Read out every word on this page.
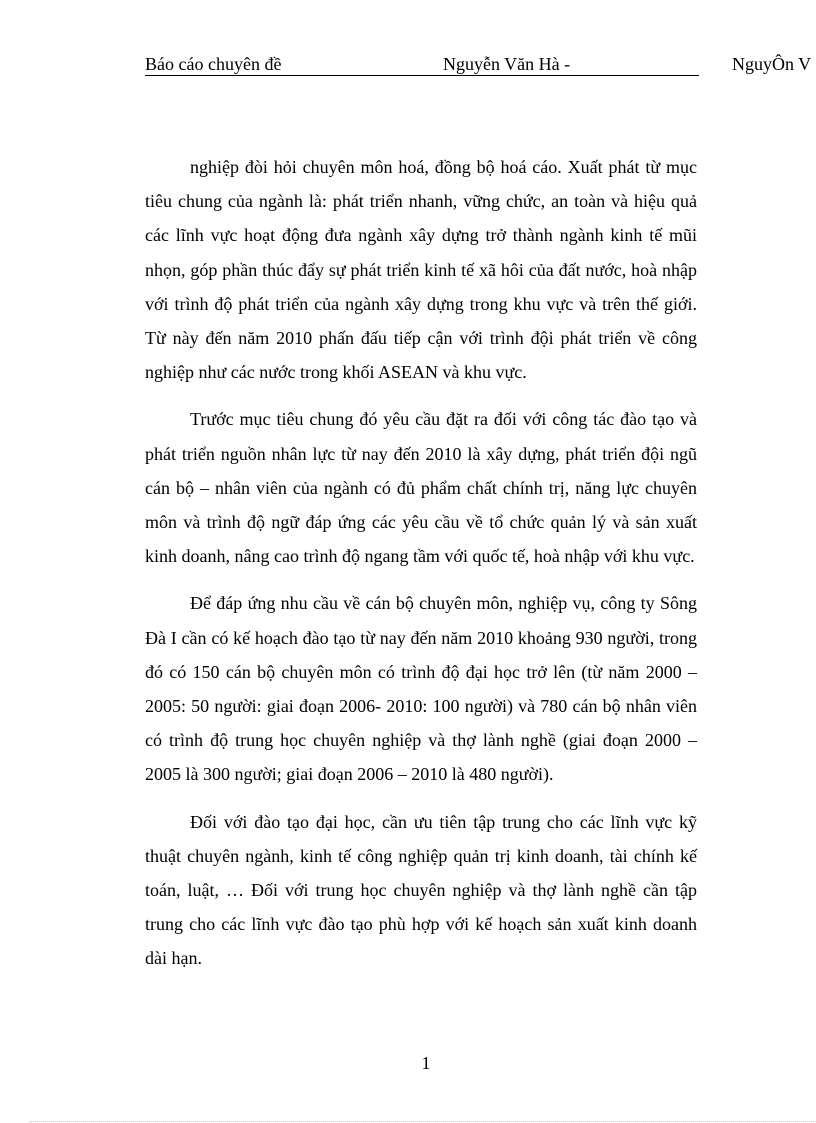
Báo cáo chuyên đề	Nguyễn Văn Hà -	NguyÔn V

nghiệp đòi hỏi chuyên môn hoá, đồng bộ hoá cáo. Xuất phát từ mục tiêu chung của ngành là: phát triển nhanh, vững chức, an toàn và hiệu quả các lĩnh vực hoạt động đưa ngành xây dựng trở thành ngành kinh tế mũi nhọn, góp phần thúc đẩy sự phát triển kinh tế xã hôi của đất nước, hoà nhập với trình độ phát triển của ngành xây dựng trong khu vực và trên thế giới. Từ này đến năm 2010 phấn đấu tiếp cận với trình đội phát triển về công nghiệp như các nước trong khối ASEAN và khu vực.

Trước mục tiêu chung đó yêu cầu đặt ra đối với công tác đào tạo và phát triển nguồn nhân lực từ nay đến 2010 là xây dựng, phát triển đội ngũ cán bộ – nhân viên của ngành có đủ phẩm chất chính trị, năng lực chuyên môn và trình độ ngữ đáp ứng các yêu cầu về tổ chức quản lý và sản xuất kinh doanh, nâng cao trình độ ngang tầm với quốc tế, hoà nhập với khu vực.

Để đáp ứng nhu cầu về cán bộ chuyên môn, nghiệp vụ, công ty Sông Đà I cần có kế hoạch đào tạo từ nay đến năm 2010 khoảng 930 người, trong đó có 150 cán bộ chuyên môn có trình độ đại học trở lên (từ năm 2000 – 2005: 50 người: giai đoạn 2006- 2010: 100 người) và 780 cán bộ nhân viên có trình độ trung học chuyên nghiệp và thợ lành nghề (giai đoạn 2000 – 2005 là 300 người; giai đoạn 2006 – 2010 là 480 người).

Đối với đào tạo đại học, cần ưu tiên tập trung cho các lĩnh vực kỹ thuật chuyên ngành, kinh tế công nghiệp quản trị kinh doanh, tài chính kế toán, luật, … Đối với trung học chuyên nghiệp và thợ lành nghề cần tập trung cho các lĩnh vực đào tạo phù hợp với kế hoạch sản xuất kinh doanh dài hạn.

1
